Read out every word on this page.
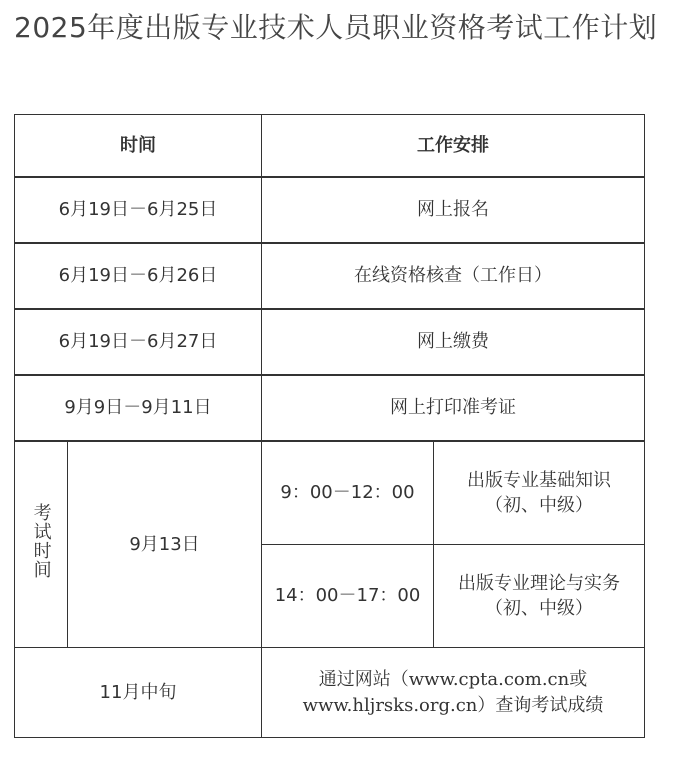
2025年度出版专业技术人员职业资格考试工作计划
时间		工作安排	
6月19日－6月25日		网上报名	
6月19日－6月26日		在线资格核查（工作日）	
6月19日－6月27日		网上缴费	
9月9日－9月11日		网上打印准考证	
考试时间	9月13日	9：00－12：00	出版专业基础知识
（初、中级）

		14：00－17：00	出版专业理论与实务
（初、中级）

11月中旬		通过网站（www.cpta.com.cn或
www.hljrsks.org.cn）查询考试成绩	
